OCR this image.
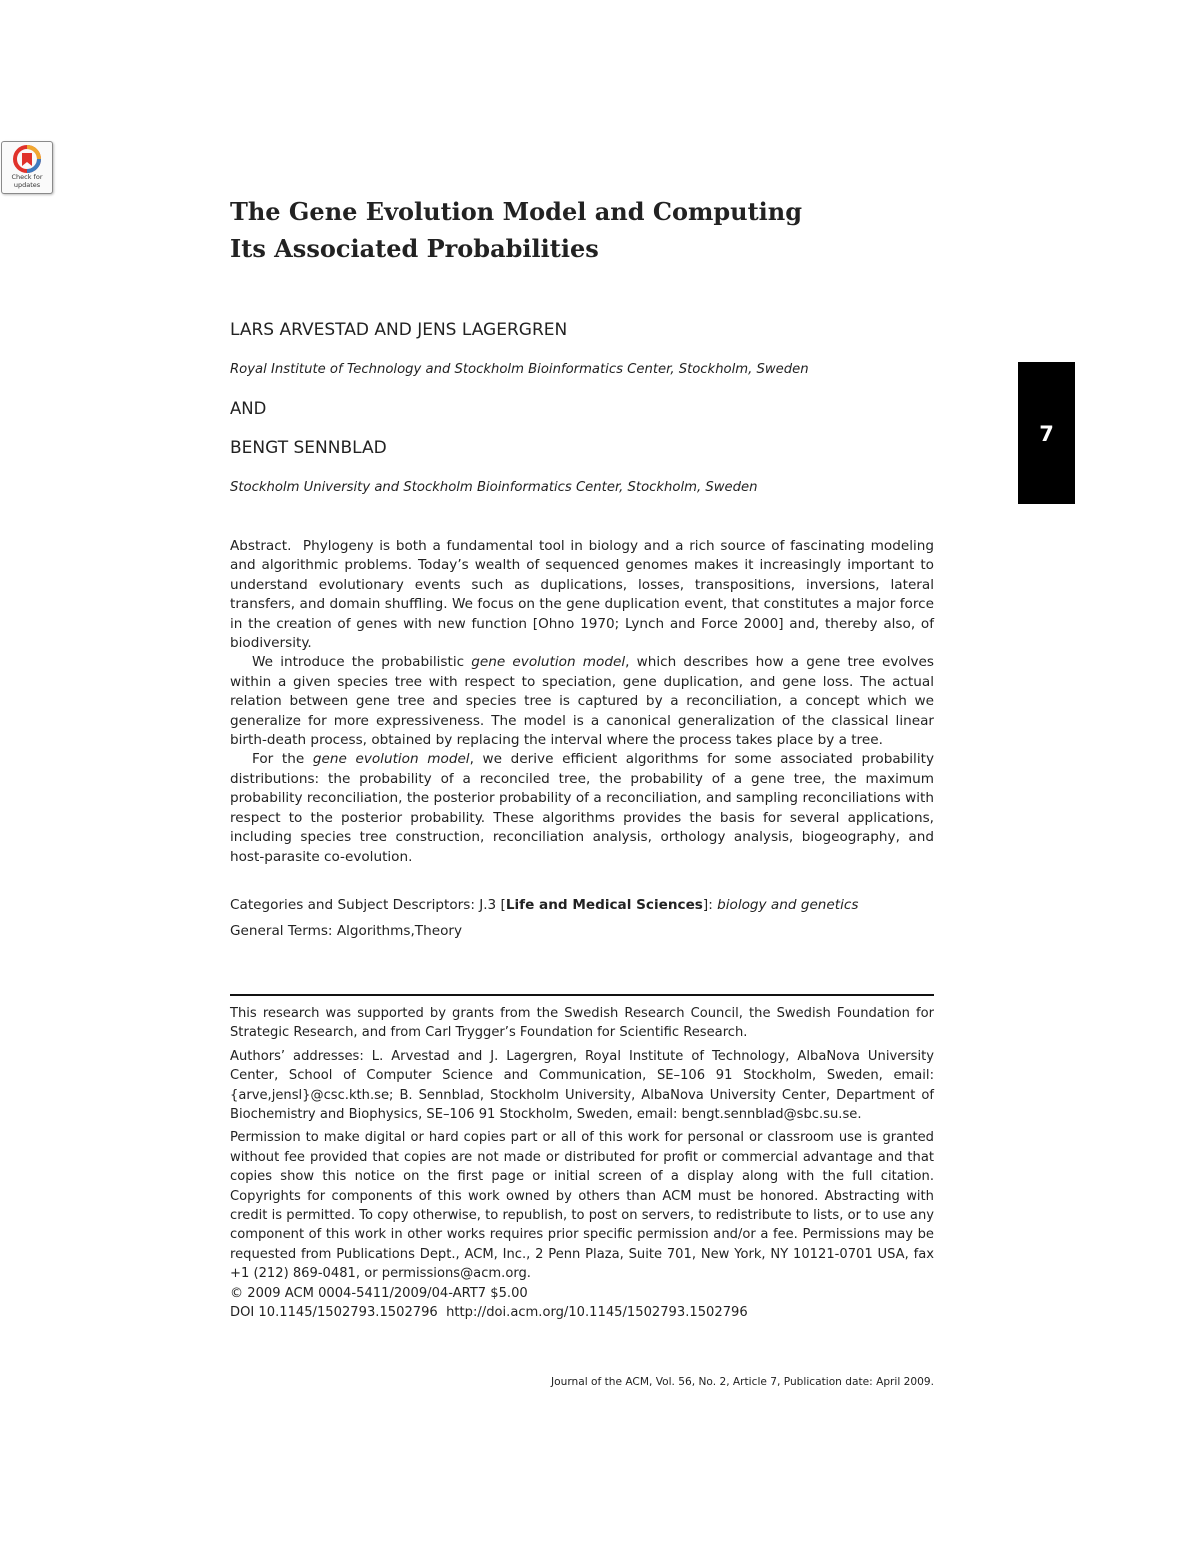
Check for updates
7
The Gene Evolution Model and Computing
Its Associated Probabilities
LARS ARVESTAD AND JENS LAGERGREN
Royal Institute of Technology and Stockholm Bioinformatics Center, Stockholm, Sweden
AND
BENGT SENNBLAD
Stockholm University and Stockholm Bioinformatics Center, Stockholm, Sweden

Abstract. Phylogeny is both a fundamental tool in biology and a rich source of fascinating modeling and algorithmic problems. Today’s wealth of sequenced genomes makes it increasingly important to understand evolutionary events such as duplications, losses, transpositions, inversions, lateral transfers, and domain shuffling. We focus on the gene duplication event, that constitutes a major force in the creation of genes with new function [Ohno 1970; Lynch and Force 2000] and, thereby also, of biodiversity.

We introduce the probabilistic gene evolution model, which describes how a gene tree evolves within a given species tree with respect to speciation, gene duplication, and gene loss. The actual relation between gene tree and species tree is captured by a reconciliation, a concept which we generalize for more expressiveness. The model is a canonical generalization of the classical linear birth-death process, obtained by replacing the interval where the process takes place by a tree.

For the gene evolution model, we derive efficient algorithms for some associated probability distributions: the probability of a reconciled tree, the probability of a gene tree, the maximum probability reconciliation, the posterior probability of a reconciliation, and sampling reconciliations with respect to the posterior probability. These algorithms provides the basis for several applications, including species tree construction, reconciliation analysis, orthology analysis, biogeography, and host-parasite co-evolution.

Categories and Subject Descriptors: J.3 [Life and Medical Sciences]: biology and genetics
General Terms: Algorithms,Theory

This research was supported by grants from the Swedish Research Council, the Swedish Foundation for Strategic Research, and from Carl Trygger’s Foundation for Scientific Research.

Authors’ addresses: L. Arvestad and J. Lagergren, Royal Institute of Technology, AlbaNova University Center, School of Computer Science and Communication, SE–106 91 Stockholm, Sweden, email: {arve,jensl}@csc.kth.se; B. Sennblad, Stockholm University, AlbaNova University Center, Department of Biochemistry and Biophysics, SE–106 91 Stockholm, Sweden, email: bengt.sennblad@sbc.su.se.

Permission to make digital or hard copies part or all of this work for personal or classroom use is granted without fee provided that copies are not made or distributed for profit or commercial advantage and that copies show this notice on the first page or initial screen of a display along with the full citation. Copyrights for components of this work owned by others than ACM must be honored. Abstracting with credit is permitted. To copy otherwise, to republish, to post on servers, to redistribute to lists, or to use any component of this work in other works requires prior specific permission and/or a fee. Permissions may be requested from Publications Dept., ACM, Inc., 2 Penn Plaza, Suite 701, New York, NY 10121-0701 USA, fax +1 (212) 869-0481, or permissions@acm.org.

© 2009 ACM 0004-5411/2009/04-ART7 $5.00

DOI 10.1145/1502793.1502796  http://doi.acm.org/10.1145/1502793.1502796

Journal of the ACM, Vol. 56, No. 2, Article 7, Publication date: April 2009.
